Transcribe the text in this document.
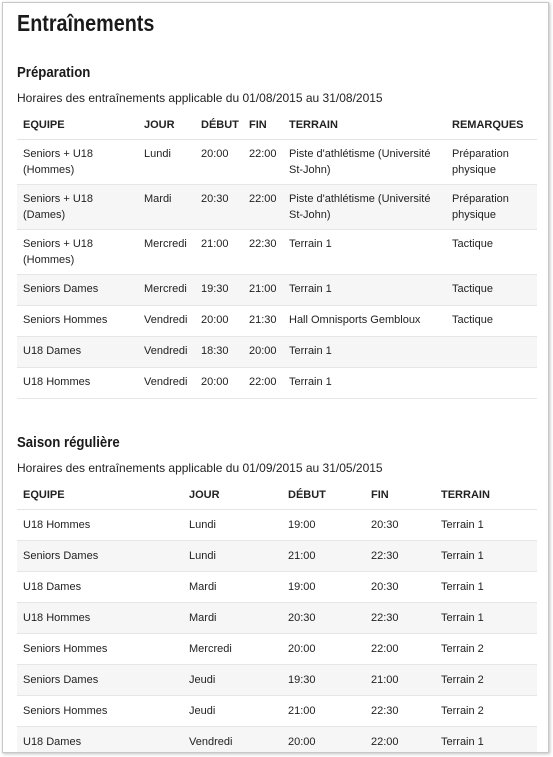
Entraînements
Préparation
Horaires des entraînements applicable du 01/08/2015 au 31/08/2015
EQUIPE	JOUR	DÉBUT	FIN	TERRAIN	REMARQUES
Seniors + U18 (Hommes)	Lundi	20:00	22:00	Piste d'athlétisme (Université St-John)	Préparation physique
Seniors + U18 (Dames)	Mardi	20:30	22:00	Piste d'athlétisme (Université St-John)	Préparation physique
Seniors + U18 (Hommes)	Mercredi	21:00	22:30	Terrain 1	Tactique
Seniors Dames	Mercredi	19:30	21:00	Terrain 1	Tactique
Seniors Hommes	Vendredi	20:00	21:30	Hall Omnisports Gembloux	Tactique
U18 Dames	Vendredi	18:30	20:00	Terrain 1	
U18 Hommes	Vendredi	20:00	22:00	Terrain 1	
Saison régulière
Horaires des entraînements applicable du 01/09/2015 au 31/05/2015
EQUIPE	JOUR	DÉBUT	FIN	TERRAIN
U18 Hommes	Lundi	19:00	20:30	Terrain 1
Seniors Dames	Lundi	21:00	22:30	Terrain 1
U18 Dames	Mardi	19:00	20:30	Terrain 1
U18 Hommes	Mardi	20:30	22:30	Terrain 1
Seniors Hommes	Mercredi	20:00	22:00	Terrain 2
Seniors Dames	Jeudi	19:30	21:00	Terrain 2
Seniors Hommes	Jeudi	21:00	22:30	Terrain 2
U18 Dames	Vendredi	20:00	22:00	Terrain 1
